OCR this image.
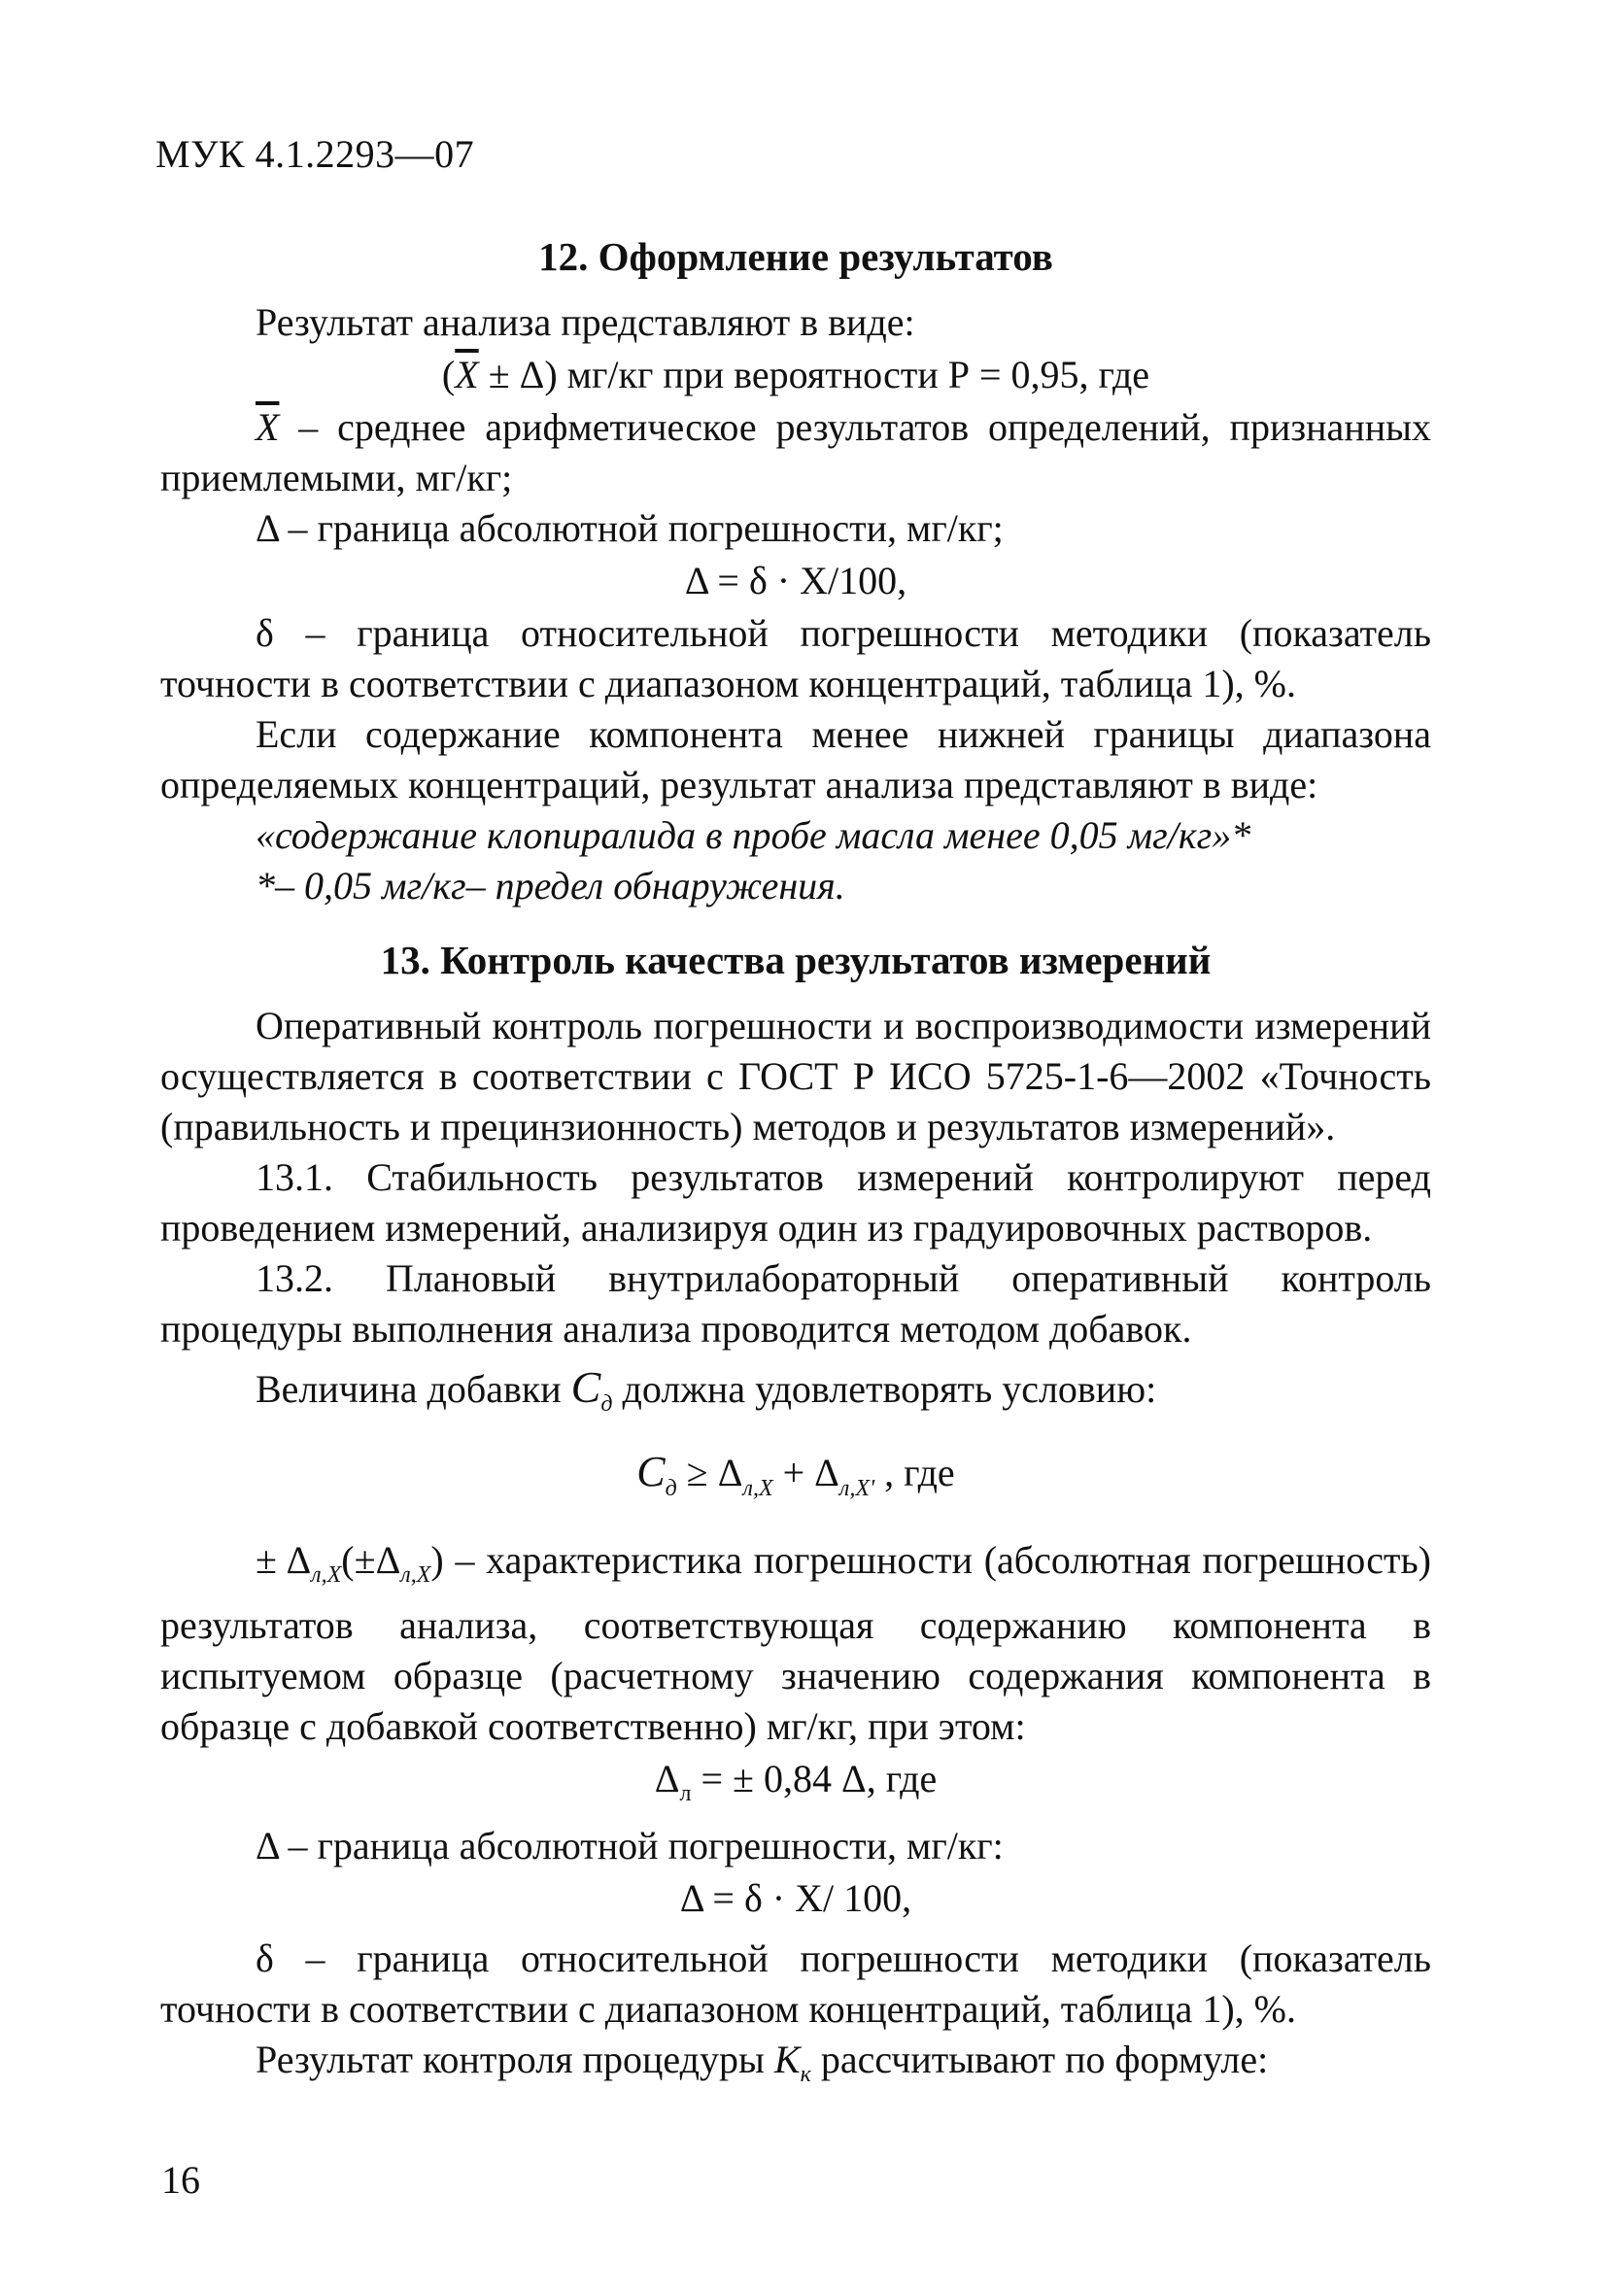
МУК 4.1.2293—07
12. Оформление результатов

Результат анализа представляют в виде:

$(\overline{X} \pm \Delta)$ мг/кг при вероятности Р = 0,95, где

$\overline{X}$ – среднее арифметическое результатов определений, признанных приемлемыми, мг/кг;

Δ – граница абсолютной погрешности, мг/кг;

Δ = δ · X/100,

δ – граница относительной погрешности методики (показатель точности в соответствии с диапазоном концентраций, таблица 1), %.

Если содержание компонента менее нижней границы диапазона определяемых концентраций, результат анализа представляют в виде:

«содержание клопиралида в пробе масла менее 0,05 мг/кг»*

*– 0,05 мг/кг– предел обнаружения.

13. Контроль качества результатов измерений

Оперативный контроль погрешности и воспроизводимости измерений осуществляется в соответствии с ГОСТ Р ИСО 5725-1-6—2002 «Точность (правильность и прецинзионность) методов и результатов измерений».

13.1. Стабильность результатов измерений контролируют перед проведением измерений, анализируя один из градуировочных растворов.

13.2. Плановый внутрилабораторный оперативный контроль процедуры выполнения анализа проводится методом добавок.

Величина добавки $C_д$ должна удовлетворять условию:

$C_д \ge \Delta_{л,X} + \Delta_{л,X'}$ , где

± $\Delta_{л,X}(\pm\Delta_{л,X})$ – характеристика погрешности (абсолютная погрешность) результатов анализа, соответствующая содержанию компонента в испытуемом образце (расчетному значению содержания компонента в образце с добавкой соответственно) мг/кг, при этом:

$\Delta_л$ = ± 0,84 Δ, где

Δ – граница абсолютной погрешности, мг/кг:

Δ = δ · X/ 100,

δ – граница относительной погрешности методики (показатель точности в соответствии с диапазоном концентраций, таблица 1), %.

Результат контроля процедуры $K_к$ рассчитывают по формуле:

16
